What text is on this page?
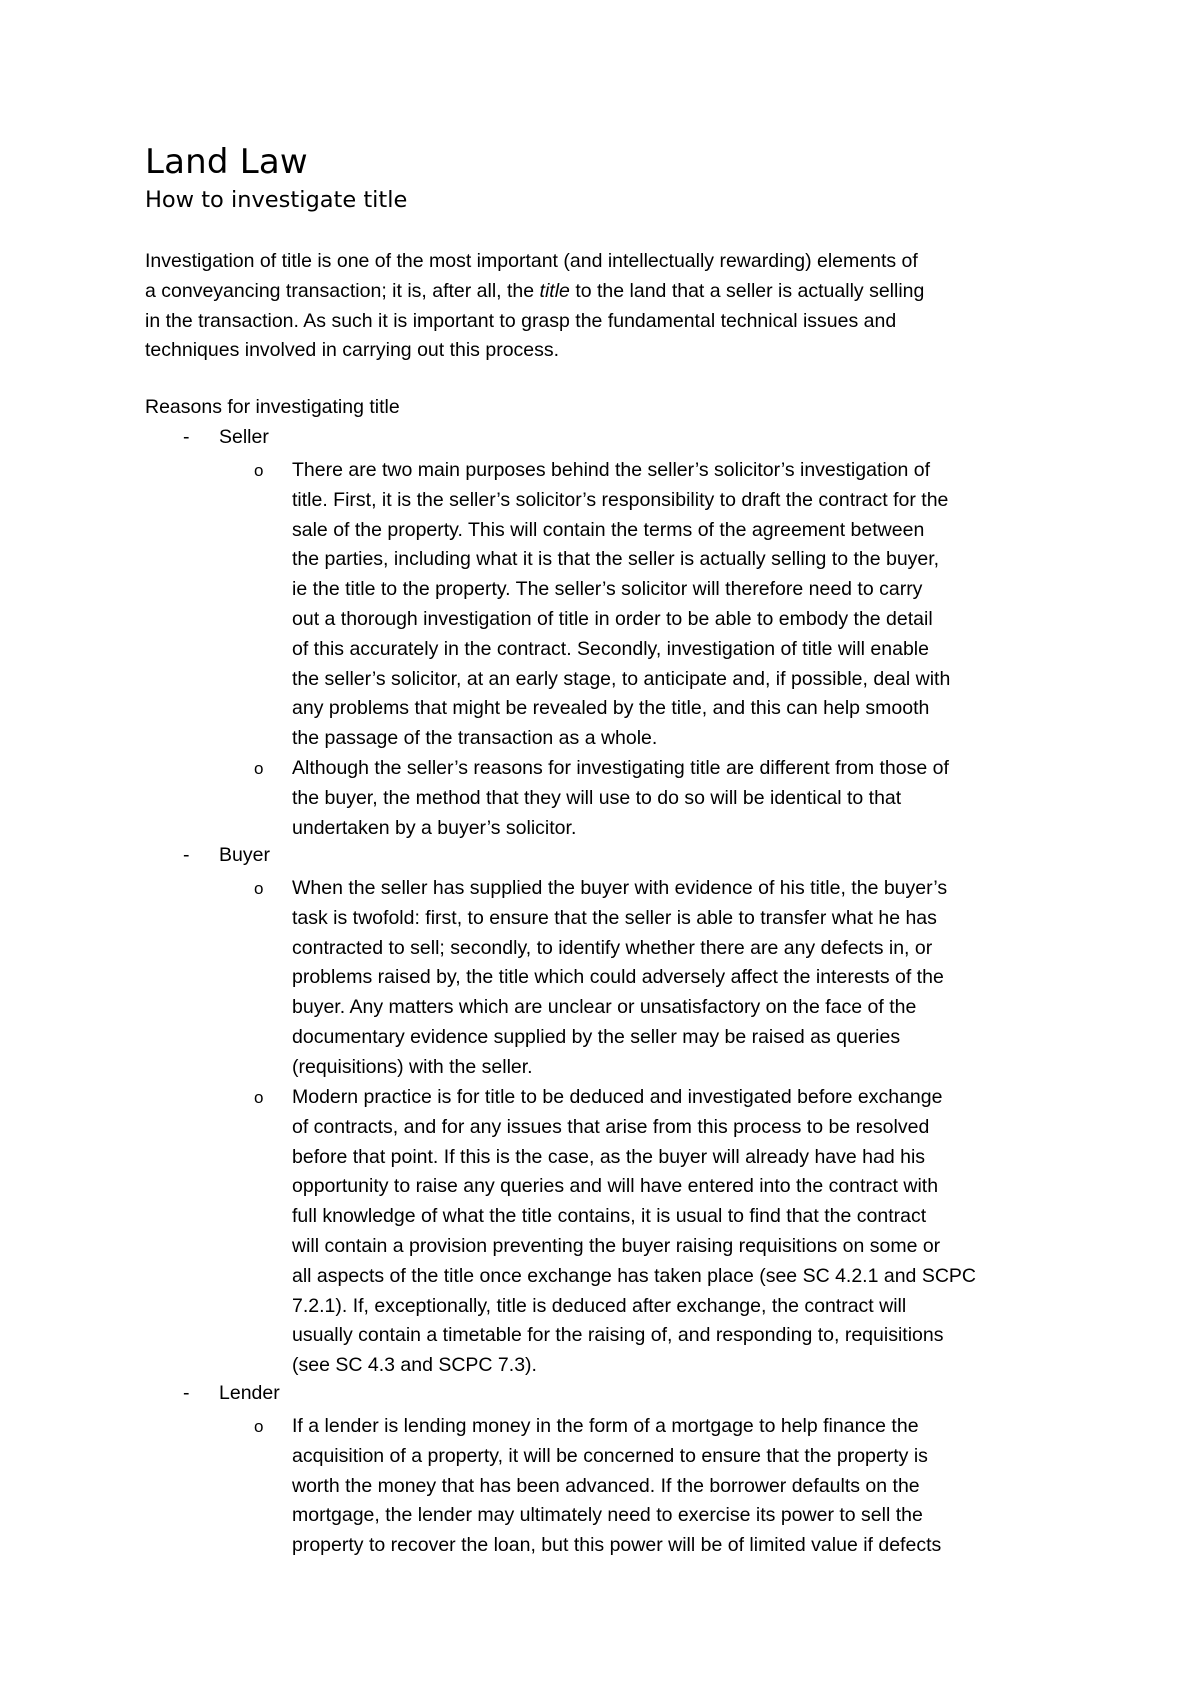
Land Law
How to investigate title
Investigation of title is one of the most important (and intellectually rewarding) elements of
a conveyancing transaction; it is, after all, the title to the land that a seller is actually selling
in the transaction. As such it is important to grasp the fundamental technical issues and
techniques involved in carrying out this process.
Reasons for investigating title
- Seller
o There are two main purposes behind the seller’s solicitor’s investigation of
title. First, it is the seller’s solicitor’s responsibility to draft the contract for the
sale of the property. This will contain the terms of the agreement between
the parties, including what it is that the seller is actually selling to the buyer,
ie the title to the property. The seller’s solicitor will therefore need to carry
out a thorough investigation of title in order to be able to embody the detail
of this accurately in the contract. Secondly, investigation of title will enable
the seller’s solicitor, at an early stage, to anticipate and, if possible, deal with
any problems that might be revealed by the title, and this can help smooth
the passage of the transaction as a whole.
o Although the seller’s reasons for investigating title are different from those of
the buyer, the method that they will use to do so will be identical to that
undertaken by a buyer’s solicitor.
- Buyer
o When the seller has supplied the buyer with evidence of his title, the buyer’s
task is twofold: first, to ensure that the seller is able to transfer what he has
contracted to sell; secondly, to identify whether there are any defects in, or
problems raised by, the title which could adversely affect the interests of the
buyer. Any matters which are unclear or unsatisfactory on the face of the
documentary evidence supplied by the seller may be raised as queries
(requisitions) with the seller.
o Modern practice is for title to be deduced and investigated before exchange
of contracts, and for any issues that arise from this process to be resolved
before that point. If this is the case, as the buyer will already have had his
opportunity to raise any queries and will have entered into the contract with
full knowledge of what the title contains, it is usual to find that the contract
will contain a provision preventing the buyer raising requisitions on some or
all aspects of the title once exchange has taken place (see SC 4.2.1 and SCPC
7.2.1). If, exceptionally, title is deduced after exchange, the contract will
usually contain a timetable for the raising of, and responding to, requisitions
(see SC 4.3 and SCPC 7.3).
- Lender
o If a lender is lending money in the form of a mortgage to help finance the
acquisition of a property, it will be concerned to ensure that the property is
worth the money that has been advanced. If the borrower defaults on the
mortgage, the lender may ultimately need to exercise its power to sell the
property to recover the loan, but this power will be of limited value if defects
